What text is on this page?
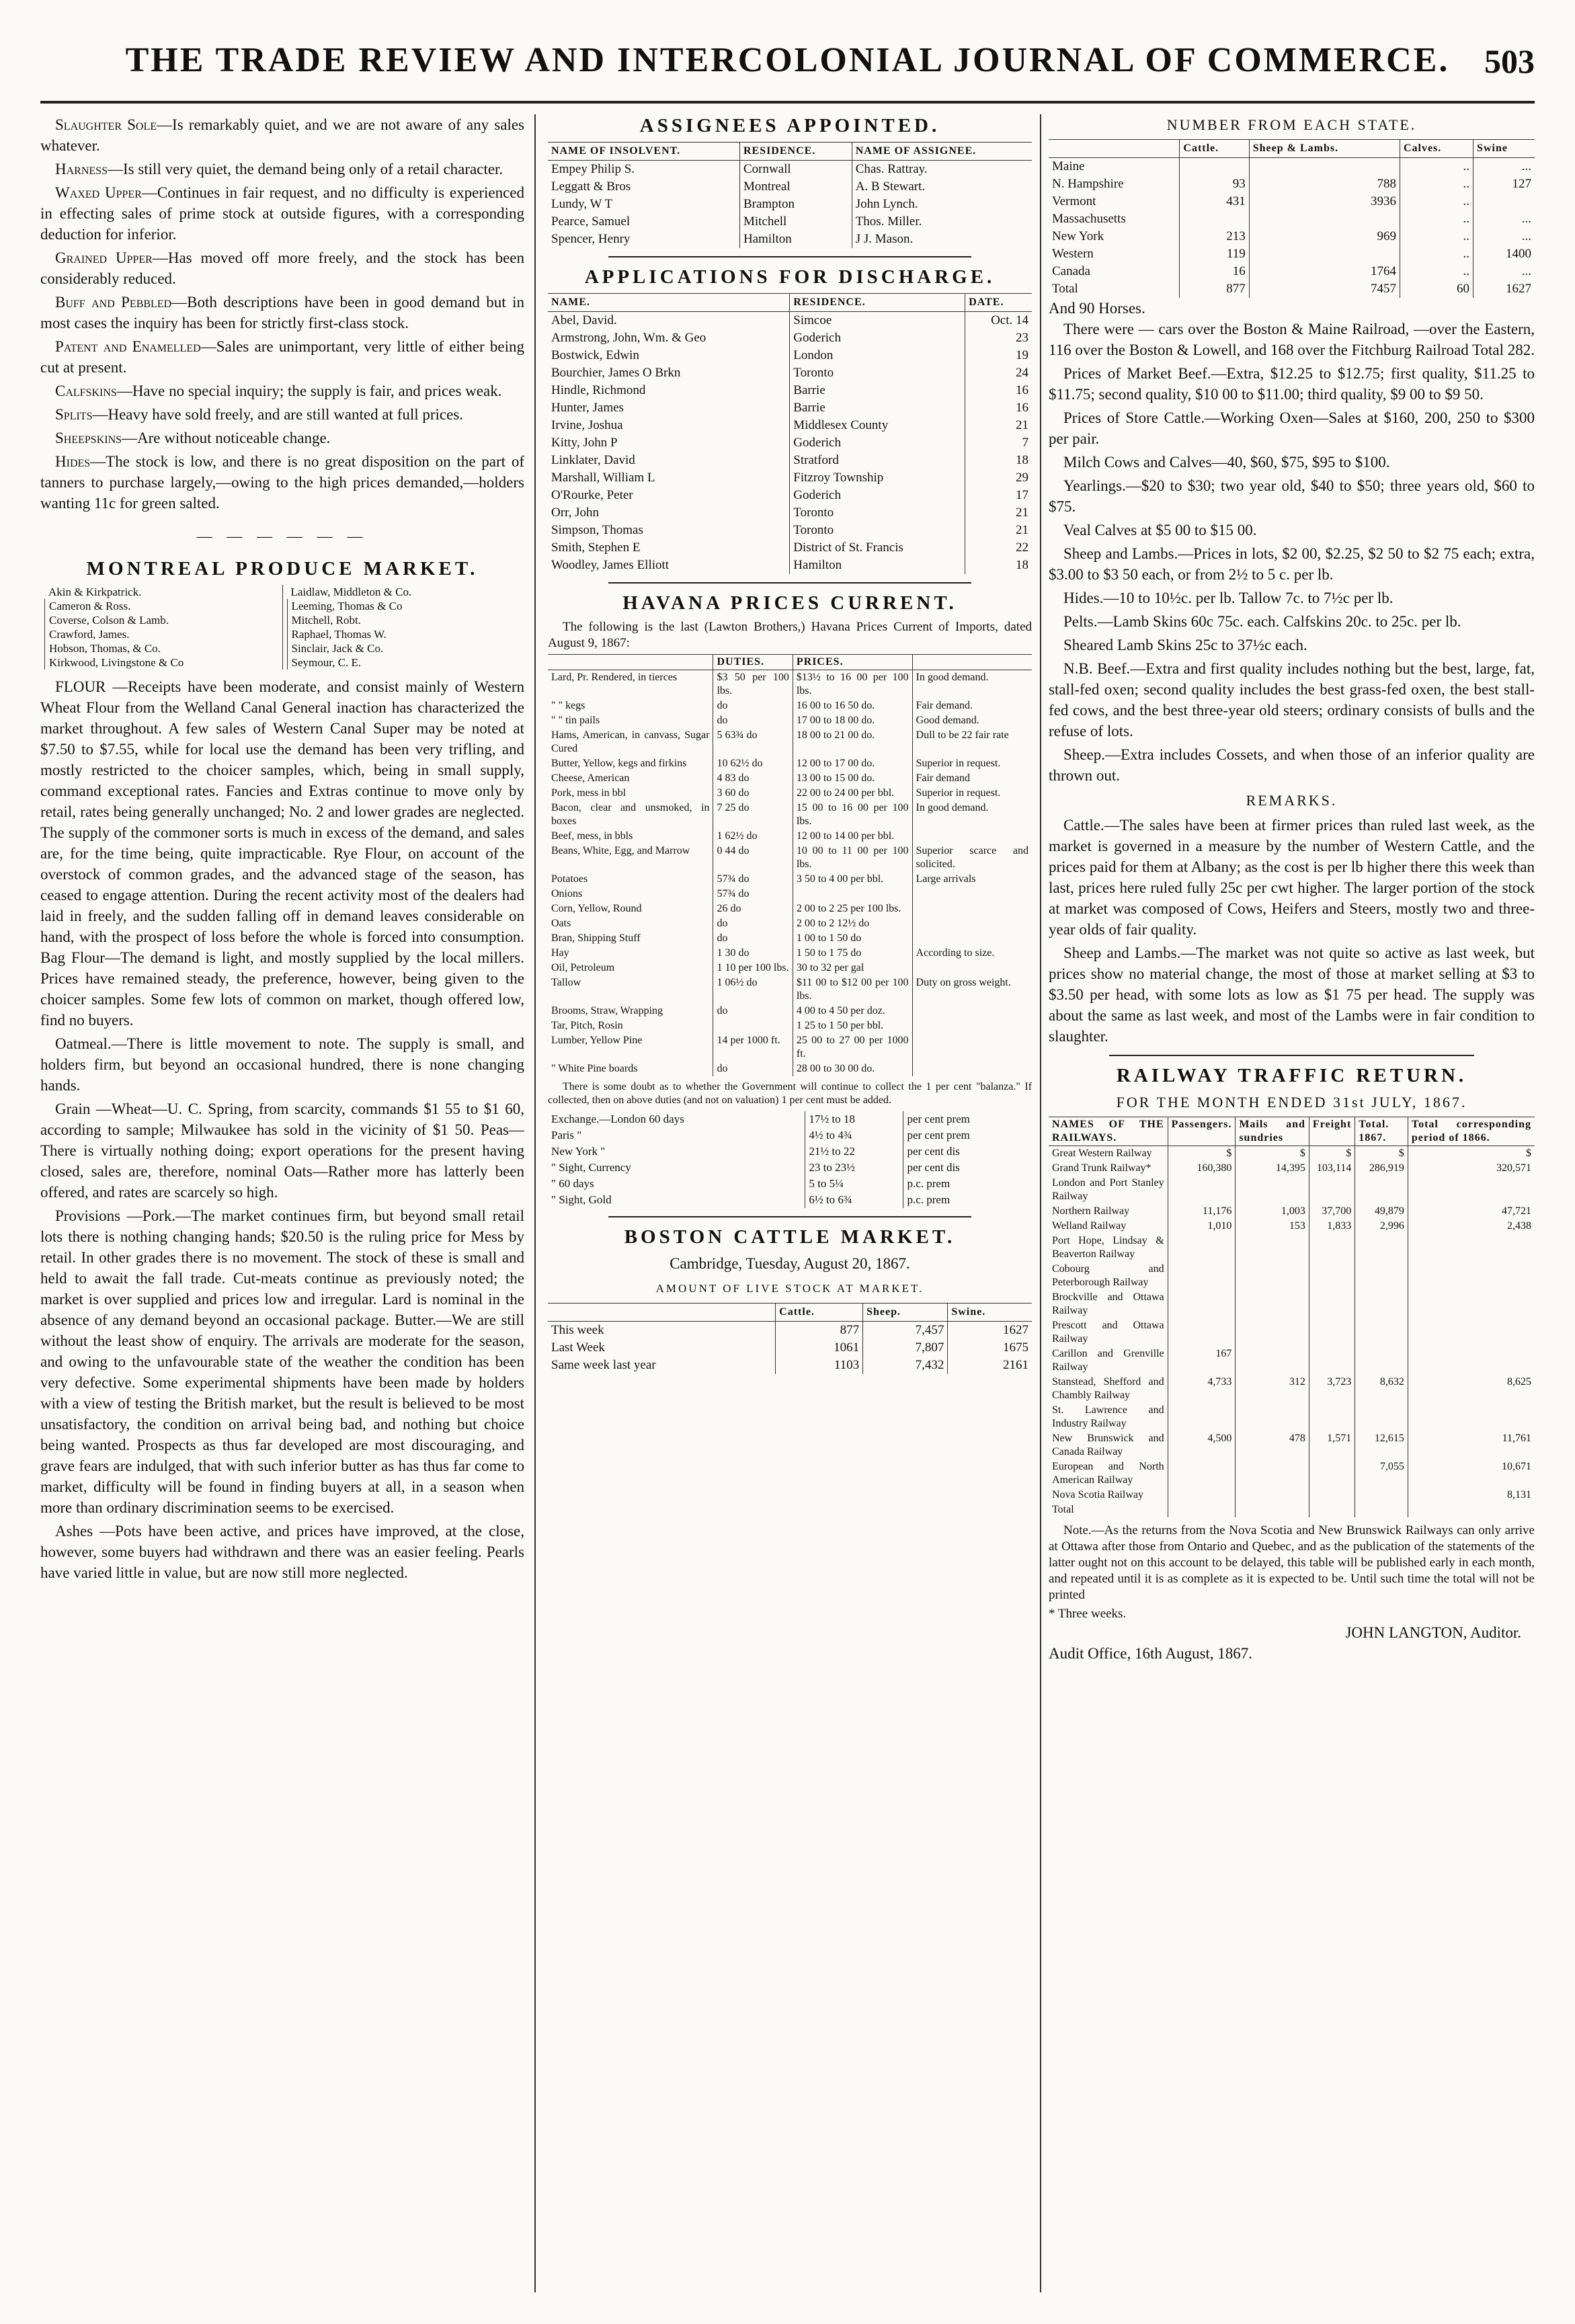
THE TRADE REVIEW AND INTERCOLONIAL JOURNAL OF COMMERCE.	503

Slaughter Sole—Is remarkably quiet, and we are not aware of any sales whatever.

Harness—Is still very quiet, the demand being only of a retail character.

Waxed Upper—Continues in fair request, and no difficulty is experienced in effecting sales of prime stock at outside figures, with a corresponding deduction for inferior.

Grained Upper—Has moved off more freely, and the stock has been considerably reduced.

Buff and Pebbled—Both descriptions have been in good demand but in most cases the inquiry has been for strictly first-class stock.

Patent and Enamelled—Sales are unimportant, very little of either being cut at present.

Calfskins—Have no special inquiry; the supply is fair, and prices weak.

Splits—Heavy have sold freely, and are still wanted at full prices.

Sheepskins—Are without noticeable change.

Hides—The stock is low, and there is no great disposition on the part of tanners to purchase largely,—owing to the high prices demanded,—holders wanting 11c for green salted.

— — — — — —
MONTREAL PRODUCE MARKET.
Akin & Kirkpatrick.
Cameron & Ross.
Coverse, Colson & Lamb.
Crawford, James.
Hobson, Thomas, & Co.
Kirkwood, Livingstone & Co
Laidlaw, Middleton & Co.
Leeming, Thomas & Co
Mitchell, Robt.
Raphael, Thomas W.
Sinclair, Jack & Co.
Seymour, C. E.

FLOUR —Receipts have been moderate, and consist mainly of Western Wheat Flour from the Welland Canal General inaction has characterized the market throughout. A few sales of Western Canal Super may be noted at $7.50 to $7.55, while for local use the demand has been very trifling, and mostly restricted to the choicer samples, which, being in small supply, command exceptional rates. Fancies and Extras continue to move only by retail, rates being generally unchanged; No. 2 and lower grades are neglected. The supply of the commoner sorts is much in excess of the demand, and sales are, for the time being, quite impracticable. Rye Flour, on account of the overstock of common grades, and the advanced stage of the season, has ceased to engage attention. During the recent activity most of the dealers had laid in freely, and the sudden falling off in demand leaves considerable on hand, with the prospect of loss before the whole is forced into consumption. Bag Flour—The demand is light, and mostly supplied by the local millers. Prices have remained steady, the preference, however, being given to the choicer samples. Some few lots of common on market, though offered low, find no buyers.

Oatmeal.—There is little movement to note. The supply is small, and holders firm, but beyond an occasional hundred, there is none changing hands.

Grain —Wheat—U. C. Spring, from scarcity, commands $1 55 to $1 60, according to sample; Milwaukee has sold in the vicinity of $1 50. Peas—There is virtually nothing doing; export operations for the present having closed, sales are, therefore, nominal Oats—Rather more has latterly been offered, and rates are scarcely so high.

Provisions —Pork.—The market continues firm, but beyond small retail lots there is nothing changing hands; $20.50 is the ruling price for Mess by retail. In other grades there is no movement. The stock of these is small and held to await the fall trade. Cut-meats continue as previously noted; the market is over supplied and prices low and irregular. Lard is nominal in the absence of any demand beyond an occasional package. Butter.—We are still without the least show of enquiry. The arrivals are moderate for the season, and owing to the unfavourable state of the weather the condition has been very defective. Some experimental shipments have been made by holders with a view of testing the British market, but the result is believed to be most unsatisfactory, the condition on arrival being bad, and nothing but choice being wanted. Prospects as thus far developed are most discouraging, and grave fears are indulged, that with such inferior butter as has thus far come to market, difficulty will be found in finding buyers at all, in a season when more than ordinary discrimination seems to be exercised.

Ashes —Pots have been active, and prices have improved, at the close, however, some buyers had withdrawn and there was an easier feeling. Pearls have varied little in value, but are now still more neglected.

ASSIGNEES APPOINTED.
NAME OF INSOLVENT.	RESIDENCE.	NAME OF ASSIGNEE.
Empey Philip S.	Cornwall	Chas. Rattray.
Leggatt & Bros	Montreal	A. B Stewart.
Lundy, W T	Brampton	John Lynch.
Pearce, Samuel	Mitchell	Thos. Miller.
Spencer, Henry	Hamilton	J J. Mason.
APPLICATIONS FOR DISCHARGE.
NAME.	RESIDENCE.	DATE.
Abel, David.	Simcoe	Oct. 14
Armstrong, John, Wm. & Geo	Goderich	23
Bostwick, Edwin	London	19
Bourchier, James O Brkn	Toronto	24
Hindle, Richmond	Barrie	16
Hunter, James	Barrie	16
Irvine, Joshua	Middlesex County	21
Kitty, John P	Goderich	7
Linklater, David	Stratford	18
Marshall, William L	Fitzroy Township	29
O'Rourke, Peter	Goderich	17
Orr, John	Toronto	21
Simpson, Thomas	Toronto	21
Smith, Stephen E	District of St. Francis	22
Woodley, James Elliott	Hamilton	18
HAVANA PRICES CURRENT.

The following is the last (Lawton Brothers,) Havana Prices Current of Imports, dated August 9, 1867:

	DUTIES.	PRICES.	
Lard, Pr. Rendered, in tierces	$3 50 per 100 lbs.	$13½ to 16 00 per 100 lbs.	In good demand.
" " kegs	do	16 00 to 16 50 do.	Fair demand.
" " tin pails	do	17 00 to 18 00 do.	Good demand.
Hams, American, in canvass, Sugar Cured	5 63¾ do	18 00 to 21 00 do.	Dull to be 22 fair rate
Butter, Yellow, kegs and firkins	10 62½ do	12 00 to 17 00 do.	Superior in request.
Cheese, American	4 83 do	13 00 to 15 00 do.	Fair demand
Pork, mess in bbl	3 60 do	22 00 to 24 00 per bbl.	Superior in request.
Bacon, clear and unsmoked, in boxes	7 25 do	15 00 to 16 00 per 100 lbs.	In good demand.
Beef, mess, in bbls	1 62½ do	12 00 to 14 00 per bbl.	
Beans, White, Egg, and Marrow	0 44 do	10 00 to 11 00 per 100 lbs.	Superior scarce and solicited.
Potatoes	57¾ do	3 50 to 4 00 per bbl.	Large arrivals
Onions	57¾ do		
Corn, Yellow, Round	26 do	2 00 to 2 25 per 100 lbs.	
Oats	do	2 00 to 2 12½ do	
Bran, Shipping Stuff	do	1 00 to 1 50 do	
Hay	1 30 do	1 50 to 1 75 do	According to size.
Oil, Petroleum	1 10 per 100 lbs.	30 to 32 per gal	
Tallow	1 06½ do	$11 00 to $12 00 per 100 lbs.	Duty on gross weight.
Brooms, Straw, Wrapping	do	4 00 to 4 50 per doz.	
Tar, Pitch, Rosin		1 25 to 1 50 per bbl.	
Lumber, Yellow Pine	14 per 1000 ft.	25 00 to 27 00 per 1000 ft.	
" White Pine boards	do	28 00 to 30 00 do.	

There is some doubt as to whether the Government will continue to collect the 1 per cent "balanza." If collected, then on above duties (and not on valuation) 1 per cent must be added.

Exchange.—London 60 days	17½ to 18	per cent prem
Paris "	4½ to 4¾	per cent prem
New York "	21½ to 22	per cent dis
" Sight, Currency	23 to 23½	per cent dis
" 60 days	5 to 5¼	p.c. prem
" Sight, Gold	6½ to 6¾	p.c. prem
BOSTON CATTLE MARKET.
Cambridge, Tuesday, August 20, 1867.
AMOUNT OF LIVE STOCK AT MARKET.
	Cattle.	Sheep.	Swine.
This week	877	7,457	1627
Last Week	1061	7,807	1675
Same week last year	1103	7,432	2161
NUMBER FROM EACH STATE.
	Cattle.	Sheep & Lambs.	Calves.	Swine
Maine			..	...
N. Hampshire	93	788	..	127
Vermont	431	3936	..	
Massachusetts			..	...
New York	213	969	..	...
Western	119		..	1400
Canada	16	1764	..	...
Total	877	7457	60	1627
And 90 Horses.

There were — cars over the Boston & Maine Railroad, —over the Eastern, 116 over the Boston & Lowell, and 168 over the Fitchburg Railroad Total 282.

Prices of Market Beef.—Extra, $12.25 to $12.75; first quality, $11.25 to $11.75; second quality, $10 00 to $11.00; third quality, $9 00 to $9 50.

Prices of Store Cattle.—Working Oxen—Sales at $160, 200, 250 to $300 per pair.

Milch Cows and Calves—40, $60, $75, $95 to $100.

Yearlings.—$20 to $30; two year old, $40 to $50; three years old, $60 to $75.

Veal Calves at $5 00 to $15 00.

Sheep and Lambs.—Prices in lots, $2 00, $2.25, $2 50 to $2 75 each; extra, $3.00 to $3 50 each, or from 2½ to 5 c. per lb.

Hides.—10 to 10½c. per lb. Tallow 7c. to 7½c per lb.

Pelts.—Lamb Skins 60c 75c. each. Calfskins 20c. to 25c. per lb.

Sheared Lamb Skins 25c to 37½c each.

N.B. Beef.—Extra and first quality includes nothing but the best, large, fat, stall-fed oxen; second quality includes the best grass-fed oxen, the best stall-fed cows, and the best three-year old steers; ordinary consists of bulls and the refuse of lots.

Sheep.—Extra includes Cossets, and when those of an inferior quality are thrown out.

REMARKS.

Cattle.—The sales have been at firmer prices than ruled last week, as the market is governed in a measure by the number of Western Cattle, and the prices paid for them at Albany; as the cost is per lb higher there this week than last, prices here ruled fully 25c per cwt higher. The larger portion of the stock at market was composed of Cows, Heifers and Steers, mostly two and three-year olds of fair quality.

Sheep and Lambs.—The market was not quite so active as last week, but prices show no material change, the most of those at market selling at $3 to $3.50 per head, with some lots as low as $1 75 per head. The supply was about the same as last week, and most of the Lambs were in fair condition to slaughter.

RAILWAY TRAFFIC RETURN.
FOR THE MONTH ENDED 31st JULY, 1867.
NAMES OF THE RAILWAYS.	Passengers.	Mails and sundries	Freight	Total. 1867.	Total corresponding period of 1866.
Great Western Railway	$	$	$	$	$
Grand Trunk Railway*	160,380	14,395	103,114	286,919	320,571
London and Port Stanley Railway					
Northern Railway	11,176	1,003	37,700	49,879	47,721
Welland Railway	1,010	153	1,833	2,996	2,438
Port Hope, Lindsay & Beaverton Railway					
Cobourg and Peterborough Railway					
Brockville and Ottawa Railway					
Prescott and Ottawa Railway					
Carillon and Grenville Railway	167				
Stanstead, Shefford and Chambly Railway	4,733	312	3,723	8,632	8,625
St. Lawrence and Industry Railway					
New Brunswick and Canada Railway	4,500	478	1,571	12,615	11,761
European and North American Railway				7,055	10,671
Nova Scotia Railway					8,131
Total					

Note.—As the returns from the Nova Scotia and New Brunswick Railways can only arrive at Ottawa after those from Ontario and Quebec, and as the publication of the statements of the latter ought not on this account to be delayed, this table will be published early in each month, and repeated until it is as complete as it is expected to be. Until such time the total will not be printed

* Three weeks.
JOHN LANGTON, Auditor.
Audit Office, 16th August, 1867.
